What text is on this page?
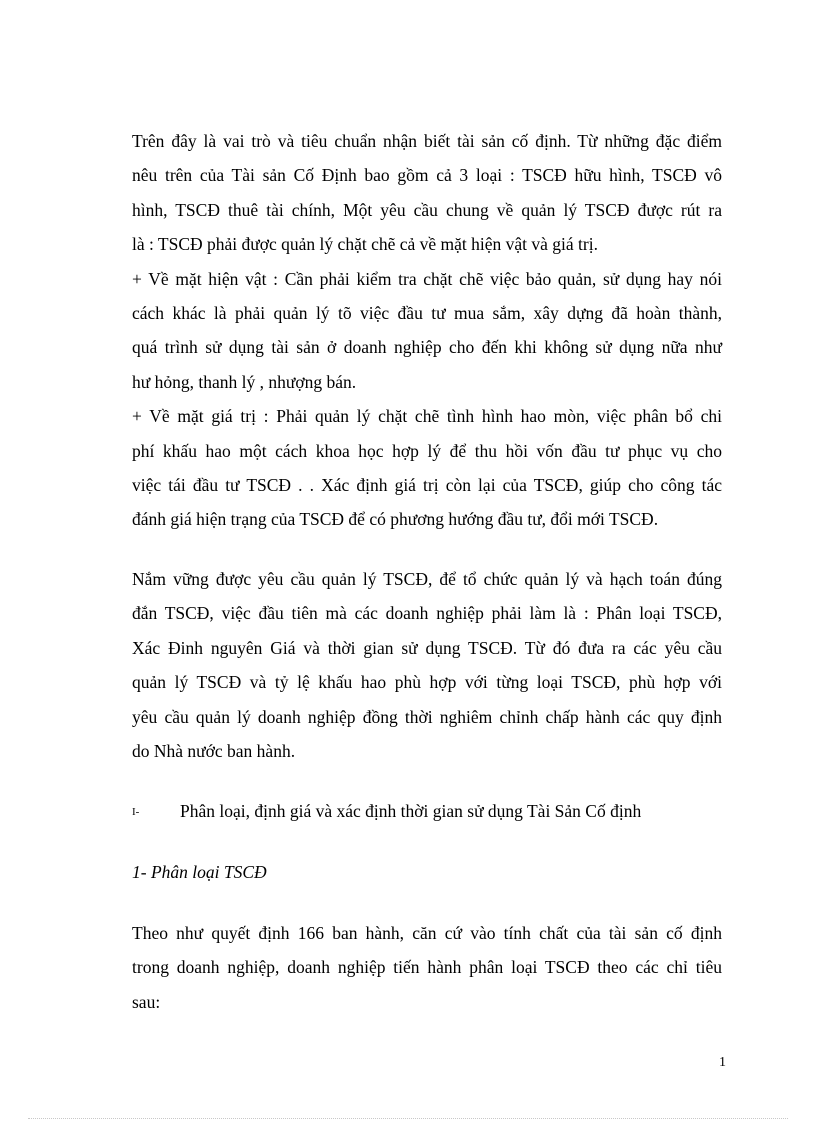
Trên đây là vai trò và tiêu chuẩn nhận biết tài sản cố định. Từ những đặc điểm
nêu trên của Tài sản Cố Định bao gồm cả 3 loại : TSCĐ hữu hình, TSCĐ vô
hình, TSCĐ thuê tài chính, Một yêu cầu chung về quản lý TSCĐ được rút ra
là : TSCĐ phải được quản lý chặt chẽ cả về mặt hiện vật và giá trị.
+ Về mặt hiện vật : Cần phải kiểm tra chặt chẽ việc bảo quản, sử dụng hay nói
cách khác là phải quản lý tõ việc đầu tư mua sắm, xây dựng đã hoàn thành,
quá trình sử dụng tài sản ở doanh nghiệp cho đến khi không sử dụng nữa như
hư hỏng, thanh lý , nhượng bán.
+ Về mặt giá trị : Phải quản lý chặt chẽ tình hình hao mòn, việc phân bổ chi
phí khấu hao một cách khoa học hợp lý để thu hồi vốn đầu tư phục vụ cho
việc tái đầu tư TSCĐ . . Xác định giá trị còn lại của TSCĐ, giúp cho công tác
đánh giá hiện trạng của TSCĐ để có phương hướng đầu tư, đổi mới TSCĐ.
Nắm vững được yêu cầu quản lý TSCĐ, để tổ chức quản lý và hạch toán đúng
đắn TSCĐ, việc đầu tiên mà các doanh nghiệp phải làm là : Phân loại TSCĐ,
Xác Đinh nguyên Giá và thời gian sử dụng TSCĐ. Từ đó đưa ra các yêu cầu
quản lý TSCĐ và tỷ lệ khấu hao phù hợp với từng loại TSCĐ, phù hợp với
yêu cầu quản lý doanh nghiệp đồng thời nghiêm chỉnh chấp hành các quy định
do Nhà nước ban hành.
I- Phân loại, định giá và xác định thời gian sử dụng Tài Sản Cố định
1- Phân loại TSCĐ
Theo như quyết định 166 ban hành, căn cứ vào tính chất của tài sản cố định
trong doanh nghiệp, doanh nghiệp tiến hành phân loại TSCĐ theo các chỉ tiêu
sau:
1
